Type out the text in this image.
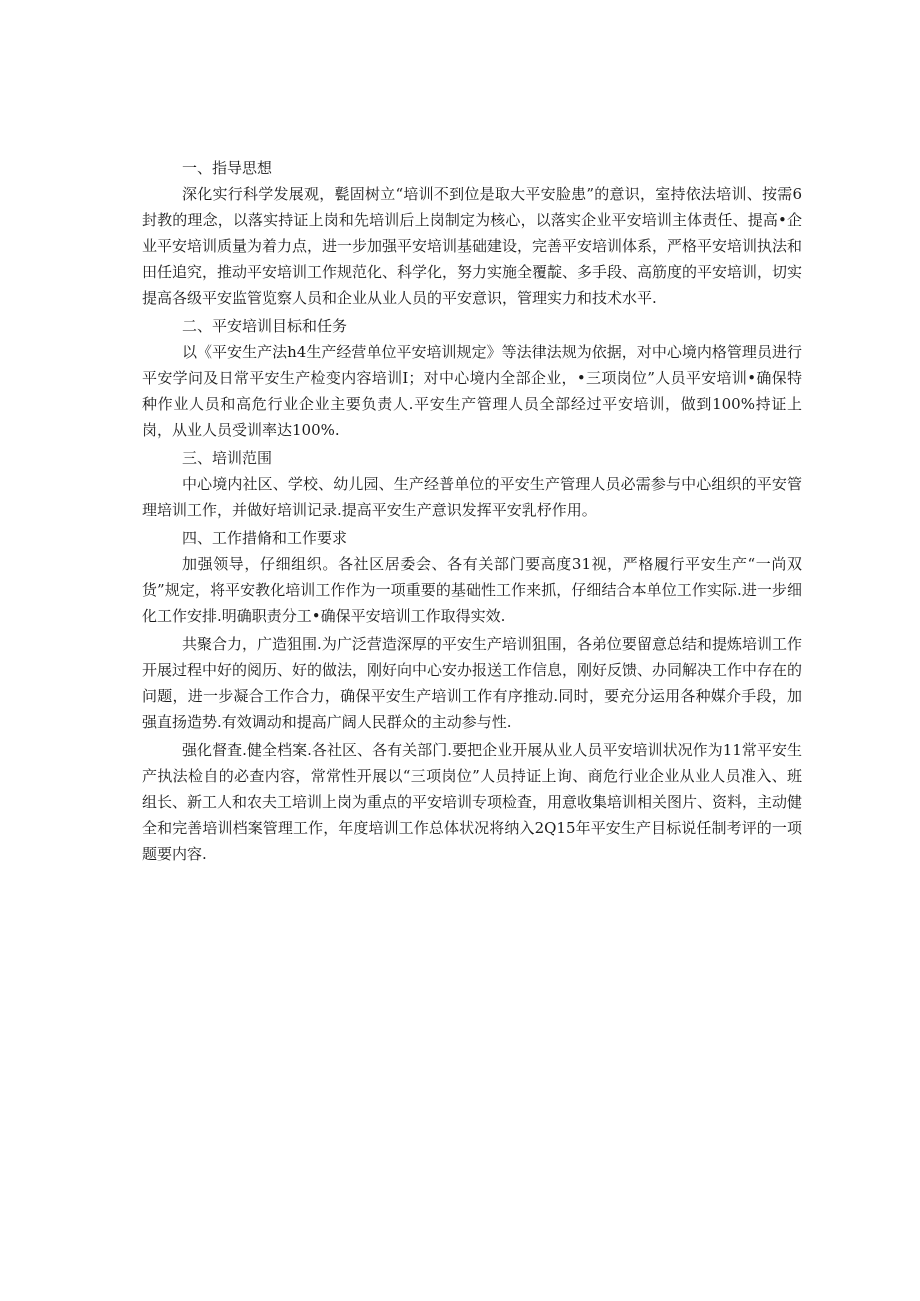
一、指导思想

深化实行科学发展观，甏固树立“培训不到位是取大平安脸患”的意识，室持依法培训、按需6封教的理念，以落实持证上岗和先培训后上岗制定为核心，以落实企业平安培训主体责任、提高•企业平安培训质量为着力点，进一步加强平安培训基础建设，完善平安培训体系，严格平安培训执法和田任追究，推动平安培训工作规范化、科学化，努力实施全覆靛、多手段、高筋度的平安培训，切实提高各级平安监管览察人员和企业从业人员的平安意识，管理实力和技术水平.

二、平安培训目标和任务

以《平安生产法h4生产经营单位平安培训规定》等法律法规为依据，对中心境内格管理员进行平安学问及日常平安生产检变内容培训I；对中心境内全部企业，•三项岗位”人员平安培训•确保特种作业人员和高危行业企业主要负责人.平安生产管理人员全部经过平安培训，做到100%持证上岗，从业人员受训率达100%.

三、培训范围

中心境内社区、学校、幼儿园、生产经普单位的平安生产管理人员必需参与中心组织的平安管理培训工作，并做好培训记录.提高平安生产意识发挥平安乳杼作用。

四、工作措脩和工作要求

加强领导，仔细组织。各社区居委会、各有关部门要高度31视，严格履行平安生产“一尚双货”规定，将平安教化培训工作作为一项重要的基础性工作来抓，仔细结合本单位工作实际.进一步细化工作安排.明确职责分工•确保平安培训工作取得实效.

共聚合力，广造狙围.为广泛营造深厚的平安生产培训狙围，各弟位要留意总结和提炼培训工作开展过程中好的阅历、好的做法，刚好向中心安办报送工作信息，刚好反馈、办同解决工作中存在的问题，进一步凝合工作合力，确保平安生产培训工作有序推动.同时，要充分运用各种媒介手段，加强直扬造势.有效调动和提高广阔人民群众的主动参与性.

强化督査.健全档案.各社区、各有关部门.要把企业开展从业人员平安培训状况作为11常平安生产执法检自的必查内容，常常性开展以“三项岗位”人员持证上询、商危行业企业从业人员准入、班组长、新工人和农夫工培训上岗为重点的平安培训专项检査，用意收集培训相关图片、资料，主动健全和完善培训档案管理工作，年度培训工作总体状况将纳入2Q15年平安生产目标说任制考评的一项题要内容.
